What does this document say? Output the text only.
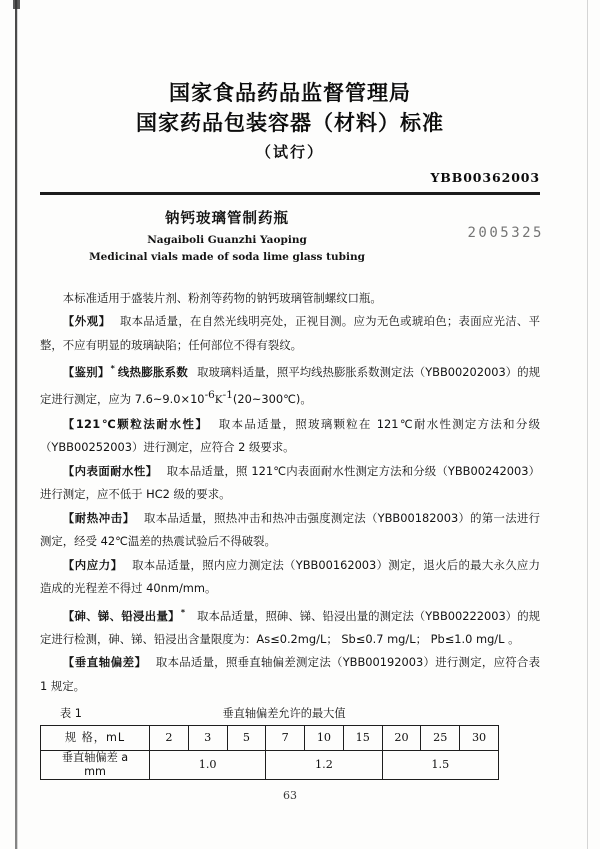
国家食品药品监督管理局
国家药品包装容器（材料）标准
（试行）
YBB00362003
钠钙玻璃管制药瓶
Nagaiboli Guanzhi Yaoping
Medicinal vials made of soda lime glass tubing
2005325

本标准适用于盛装片剂、粉剂等药物的钠钙玻璃管制螺纹口瓶。

【外观】 取本品适量，在自然光线明亮处，正视目测。应为无色或琥珀色；表面应光洁、平整，不应有明显的玻璃缺陷；任何部位不得有裂纹。

【鉴别】* 线热膨胀系数 取玻璃料适量，照平均线热膨胀系数测定法（YBB00202003）的规定进行测定，应为 $7.6\sim 9.0\times 10^{-6}K^{-1}(20\sim 300℃)$。

【121℃颗粒法耐水性】 取本品适量，照玻璃颗粒在 121℃耐水性测定方法和分级（YBB00252003）进行测定，应符合 2 级要求。

【内表面耐水性】 取本品适量，照 121℃内表面耐水性测定方法和分级（YBB00242003）进行测定，应不低于 HC2 级的要求。

【耐热冲击】 取本品适量，照热冲击和热冲击强度测定法（YBB00182003）的第一法进行测定，经受 42℃温差的热震试验后不得破裂。

【内应力】 取本品适量，照内应力测定法（YBB00162003）测定，退火后的最大永久应力造成的光程差不得过 40nm/mm。

【砷、锑、铅浸出量】* 取本品适量，照砷、锑、铅浸出量的测定法（YBB00222003）的规定进行检测，砷、锑、铅浸出含量限度为：As≤0.2mg/L； Sb≤0.7 mg/L； Pb≤1.0 mg/L 。

【垂直轴偏差】 取本品适量，照垂直轴偏差测定法（YBB00192003）进行测定，应符合表 1 规定。

表 1	垂直轴偏差允许的最大值
规 格，mL	2	3	5	7	10	15	20	25	30

垂直轴偏差 a
mm	1.0			1.2			1.5		
63
